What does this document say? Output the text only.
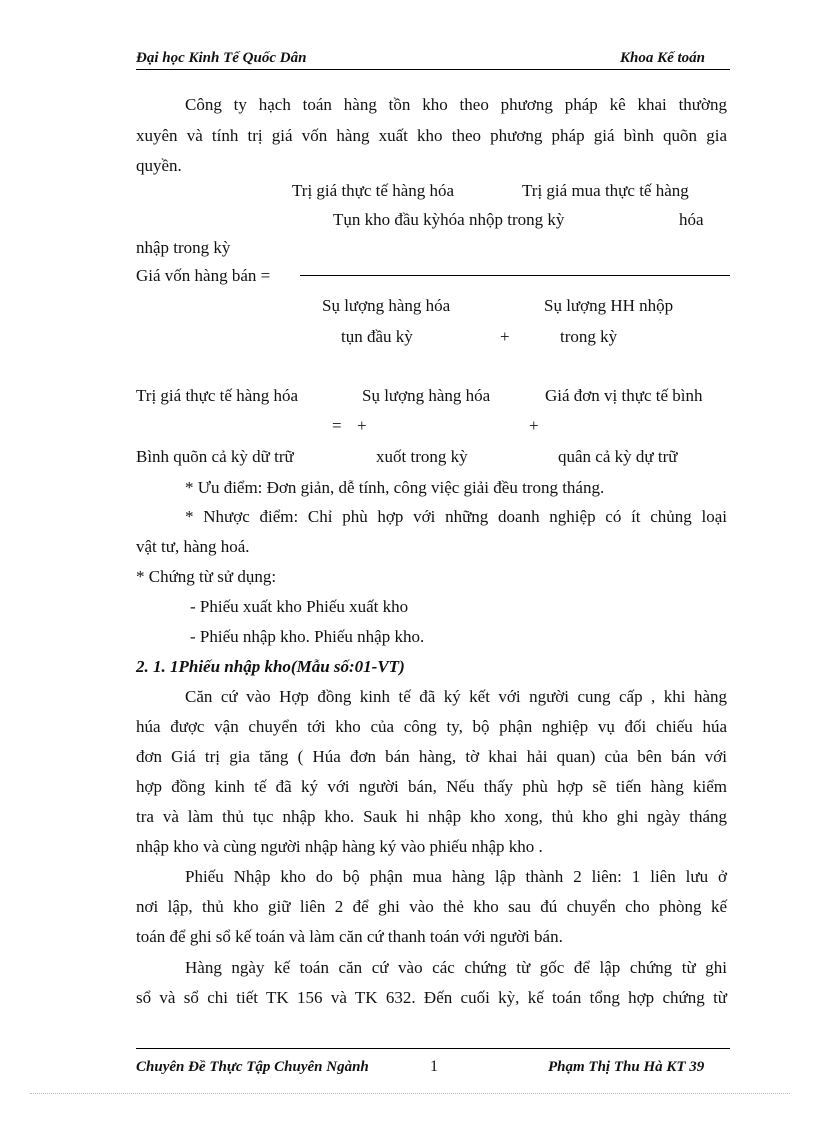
Đại học Kinh Tế Quốc Dân	Khoa Kế toán
Công ty hạch toán hàng tồn kho theo phương pháp kê khai thường
xuyên và tính trị giá vốn hàng xuất kho theo phương pháp giá bình quõn gia
quyền.
Trị giá thực tế hàng hóa	Trị giá mua thực tế hàng
Tụn kho đầu kỳhóa nhộp trong kỳ	hóa
nhập trong kỳ
Giá vốn hàng bán =
Sụ lượng hàng hóa	Sụ lượng HH nhộp
tụn đầu kỳ	+	trong kỳ
Trị giá thực tế hàng hóa	Sụ lượng hàng hóa	Giá đơn vị thực tế bình
= +	+
Bình quõn cả kỳ dữ trữ	xuốt trong kỳ	quân cả kỳ dự trữ
* Ưu điểm: Đơn giản, dễ tính, công việc giải đều trong tháng.
* Nhược điểm: Chỉ phù hợp với những doanh nghiệp có ít chủng loại
vật tư, hàng hoá.
* Chứng từ sử dụng:
- Phiếu xuất kho Phiếu xuất kho
- Phiếu nhập kho. Phiếu nhập kho.
2. 1. 1Phiếu nhập kho(Mẫu số:01-VT)
Căn cứ vào Hợp đồng kinh tế đã ký kết với người cung cấp , khi hàng
húa được vận chuyển tới kho của công ty, bộ phận nghiệp vụ đối chiếu húa
đơn Giá trị gia tăng ( Húa đơn bán hàng, tờ khai hải quan) của bên bán với
hợp đồng kinh tế đã ký với người bán, Nếu thấy phù hợp sẽ tiến hàng kiểm
tra và làm thủ tục nhập kho. Sauk hi nhập kho xong, thủ kho ghi ngày tháng
nhập kho và cùng người nhập hàng ký vào phiếu nhập kho .
Phiếu Nhập kho do bộ phận mua hàng lập thành 2 liên: 1 liên lưu ở
nơi lập, thủ kho giữ liên 2 để ghi vào thẻ kho sau đú chuyển cho phòng kế
toán để ghi sổ kế toán và làm căn cứ thanh toán với người bán.
Hàng ngày kế toán căn cứ vào các chứng từ gốc để lập chứng từ ghi
sổ và sổ chi tiết TK 156 và TK 632. Đến cuối kỳ, kế toán tổng hợp chứng từ
Chuyên Đề Thực Tập Chuyên Ngành	1	Phạm Thị Thu Hà KT 39
